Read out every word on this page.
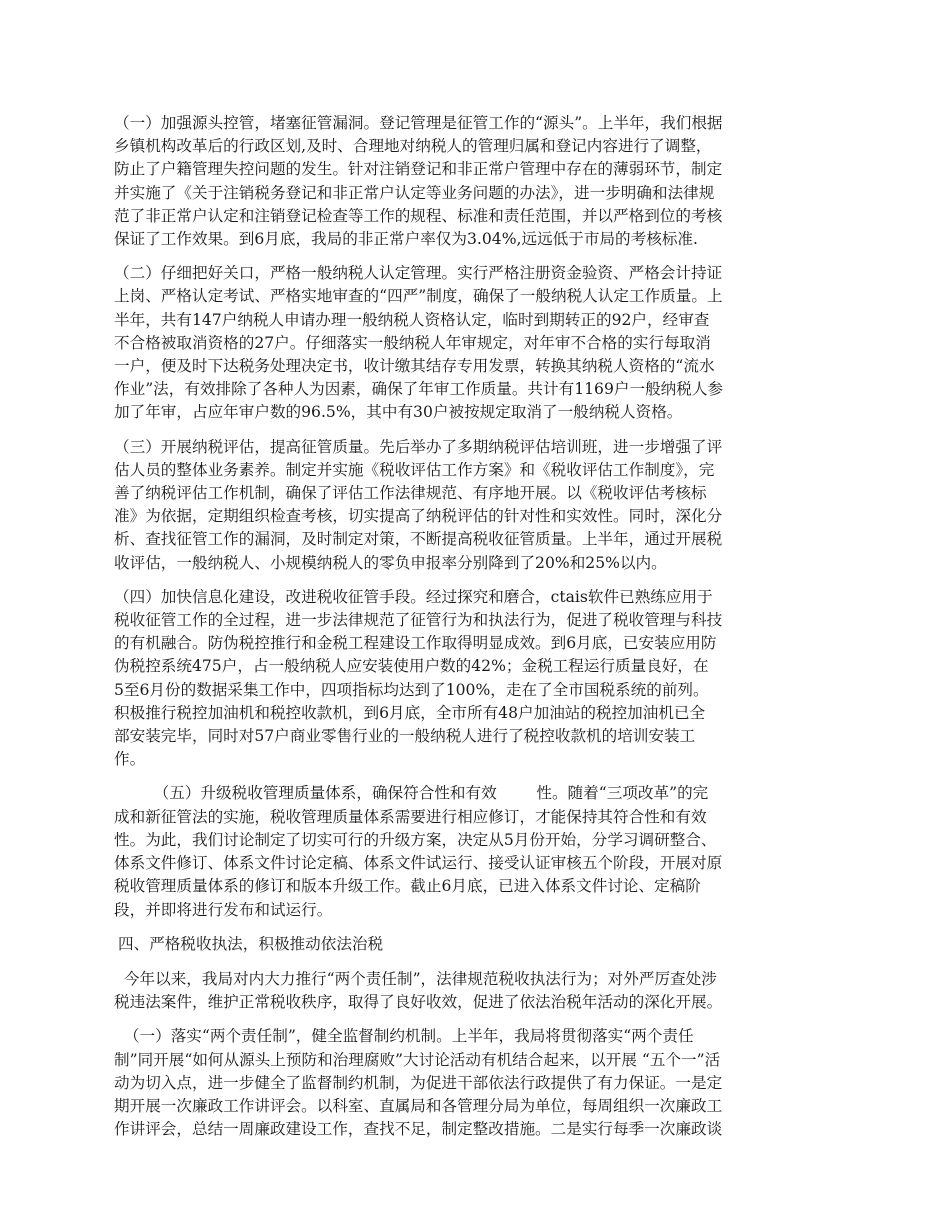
（一）加强源头控管，堵塞征管漏洞。登记管理是征管工作的“源头”。上半年，我们根据
乡镇机构改革后的行政区划,及时、合理地对纳税人的管理归属和登记内容进行了调整，
防止了户籍管理失控问题的发生。针对注销登记和非正常户管理中存在的薄弱环节，制定
并实施了《关于注销税务登记和非正常户认定等业务问题的办法》，进一步明确和法律规
范了非正常户认定和注销登记检查等工作的规程、标准和责任范围，并以严格到位的考核
保证了工作效果。到6月底，我局的非正常户率仅为3.04%,远远低于市局的考核标准.
（二）仔细把好关口，严格一般纳税人认定管理。实行严格注册资金验资、严格会计持证
上岗、严格认定考试、严格实地审查的“四严”制度，确保了一般纳税人认定工作质量。上
半年，共有147户纳税人申请办理一般纳税人资格认定，临时到期转正的92户，经审查
不合格被取消资格的27户。仔细落实一般纳税人年审规定，对年审不合格的实行每取消
一户，便及时下达税务处理决定书，收计缴其结存专用发票，转换其纳税人资格的“流水
作业”法，有效排除了各种人为因素，确保了年审工作质量。共计有1169户一般纳税人参
加了年审，占应年审户数的96.5%，其中有30户被按规定取消了一般纳税人资格。
（三）开展纳税评估，提高征管质量。先后举办了多期纳税评估培训班，进一步增强了评
估人员的整体业务素养。制定并实施《税收评估工作方案》和《税收评估工作制度》，完
善了纳税评估工作机制，确保了评估工作法律规范、有序地开展。以《税收评估考核标
准》为依据，定期组织检查考核，切实提高了纳税评估的针对性和实效性。同时，深化分
析、查找征管工作的漏洞，及时制定对策，不断提高税收征管质量。上半年，通过开展税
收评估，一般纳税人、小规模纳税人的零负申报率分别降到了20%和25%以内。
（四）加快信息化建设，改进税收征管手段。经过探究和磨合，ctais软件已熟练应用于
税收征管工作的全过程，进一步法律规范了征管行为和执法行为，促进了税收管理与科技
的有机融合。防伪税控推行和金税工程建设工作取得明显成效。到6月底，已安装应用防
伪税控系统475户，占一般纳税人应安装使用户数的42%；金税工程运行质量良好，在
5至6月份的数据采集工作中，四项指标均达到了100%，走在了全市国税系统的前列。
积极推行税控加油机和税控收款机，到6月底，全市所有48户加油站的税控加油机已全
部安装完毕，同时对57户商业零售行业的一般纳税人进行了税控收款机的培训安装工
作。
（五）升级税收管理质量体系，确保符合性和有效        性。随着“三项改革”的完
成和新征管法的实施，税收管理质量体系需要进行相应修订，才能保持其符合性和有效
性。为此，我们讨论制定了切实可行的升级方案，决定从5月份开始，分学习调研整合、
体系文件修订、体系文件讨论定稿、体系文件试运行、接受认证审核五个阶段，开展对原
税收管理质量体系的修订和版本升级工作。截止6月底，已进入体系文件讨论、定稿阶
段，并即将进行发布和试运行。
四、严格税收执法，积极推动依法治税
今年以来，我局对内大力推行“两个责任制”，法律规范税收执法行为；对外严厉查处涉
税违法案件，维护正常税收秩序，取得了良好收效，促进了依法治税年活动的深化开展。
（一）落实“两个责任制”，健全监督制约机制。上半年，我局将贯彻落实“两个责任
制”同开展“如何从源头上预防和治理腐败”大讨论活动有机结合起来，以开展 “五个一”活
动为切入点，进一步健全了监督制约机制，为促进干部依法行政提供了有力保证。一是定
期开展一次廉政工作讲评会。以科室、直属局和各管理分局为单位，每周组织一次廉政工
作讲评会，总结一周廉政建设工作，查找不足，制定整改措施。二是实行每季一次廉政谈
